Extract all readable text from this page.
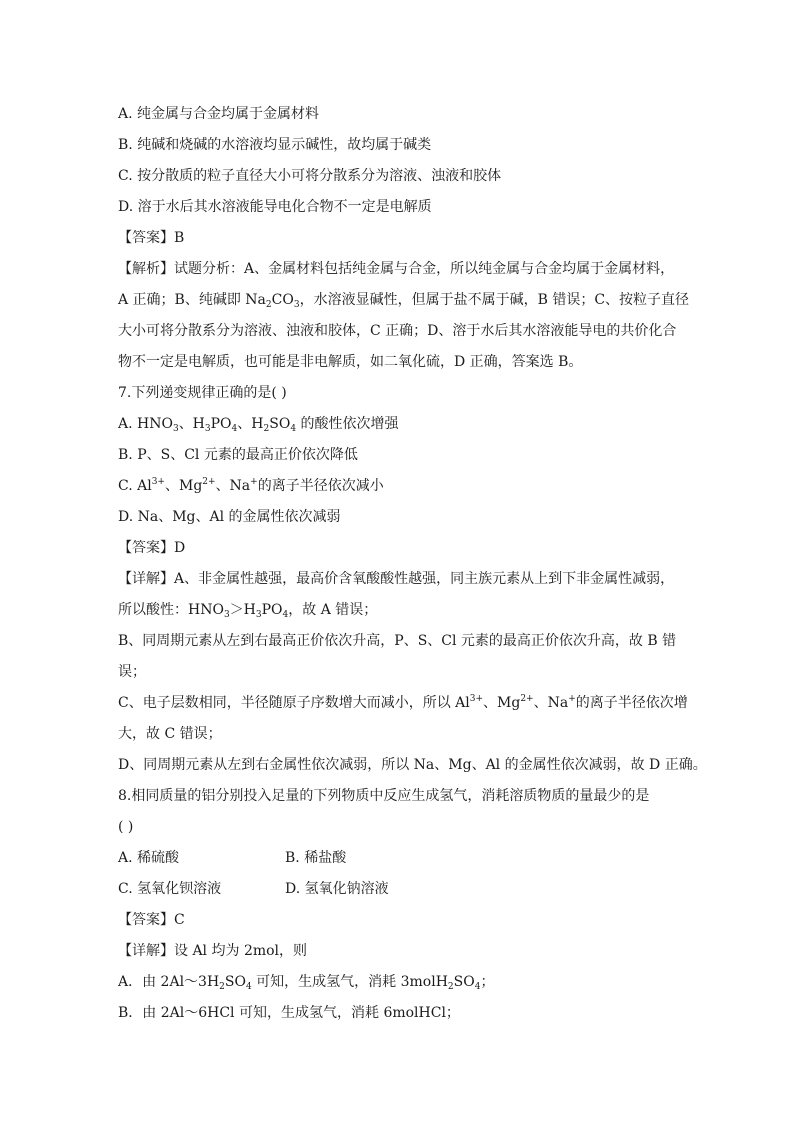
A. 纯金属与合金均属于金属材料
B. 纯碱和烧碱的水溶液均显示碱性，故均属于碱类
C. 按分散质的粒子直径大小可将分散系分为溶液、浊液和胶体
D. 溶于水后其水溶液能导电化合物不一定是电解质
【答案】B
【解析】试题分析：A、金属材料包括纯金属与合金，所以纯金属与合金均属于金属材料，
A 正确；B、纯碱即 $Na_2CO_3$，水溶液显碱性，但属于盐不属于碱，B 错误；C、按粒子直径
大小可将分散系分为溶液、浊液和胶体，C 正确；D、溶于水后其水溶液能导电的共价化合
物不一定是电解质，也可能是非电解质，如二氧化硫，D 正确，答案选 B。
7.下列递变规律正确的是( )
A. $HNO_3$、$H_3PO_4$、$H_2SO_4$ 的酸性依次增强
B. P、S、Cl 元素的最高正价依次降低
C. $Al^{3+}$、$Mg^{2+}$、Na+的离子半径依次减小
D. Na、Mg、Al 的金属性依次减弱
【答案】D
【详解】A、非金属性越强，最高价含氧酸酸性越强，同主族元素从上到下非金属性减弱，
所以酸性：$HNO_3>H_3PO_4$，故 A 错误；
B、同周期元素从左到右最高正价依次升高，P、S、Cl 元素的最高正价依次升高，故 B 错
误；
C、电子层数相同，半径随原子序数增大而减小，所以 $Al^{3+}$、$Mg^{2+}$、Na+的离子半径依次增
大，故 C 错误；
D、同周期元素从左到右金属性依次减弱，所以 Na、Mg、Al 的金属性依次减弱，故 D 正确。
8.相同质量的铝分别投入足量的下列物质中反应生成氢气，消耗溶质物质的量最少的是
( )
A. 稀硫酸	B. 稀盐酸
C. 氢氧化钡溶液	D. 氢氧化钠溶液
【答案】C
【详解】设 Al 均为 2mol，则
A．由 $2Al\sim 3H_2SO_4$ 可知，生成氢气，消耗 $3molH_2SO_4$；
B．由 2Al～6HCl 可知，生成氢气，消耗 6molHCl；
